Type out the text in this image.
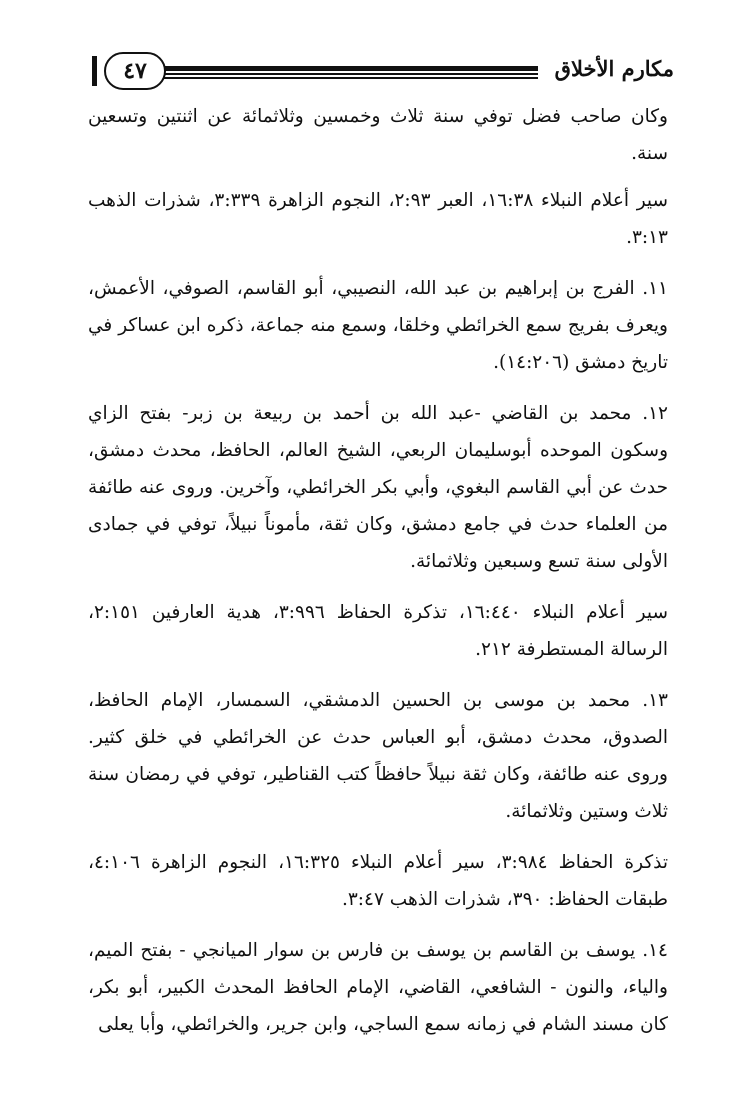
مكارم الأخلاق
٤٧

وكان صاحب فضل توفي سنة ثلاث وخمسين وثلاثمائة عن اثنتين وتسعين سنة.

سير أعلام النبلاء ١٦:٣٨، العبر ٢:٩٣، النجوم الزاهرة ٣:٣٣٩، شذرات الذهب ٣:١٣.

١١. الفرج بن إبراهيم بن عبد الله، النصيبي، أبو القاسم، الصوفي، الأعمش، ويعرف بفريج سمع الخرائطي وخلقا، وسمع منه جماعة، ذكره ابن عساكر في تاريخ دمشق (١٤:٢٠٦).

١٢. محمد بن القاضي -عبد الله بن أحمد بن ربيعة بن زبر- بفتح الزاي وسكون الموحده أبوسليمان الربعي، الشيخ العالم، الحافظ، محدث دمشق، حدث عن أبي القاسم البغوي، وأبي بكر الخرائطي، وآخرين. وروى عنه طائفة من العلماء حدث في جامع دمشق، وكان ثقة، مأموناً نبيلاً، توفي في جمادى الأولى سنة تسع وسبعين وثلاثمائة.

سير أعلام النبلاء ١٦:٤٤٠، تذكرة الحفاظ ٣:٩٩٦، هدية العارفين ٢:١٥١، الرسالة المستطرفة ٢١٢.

١٣. محمد بن موسى بن الحسين الدمشقي، السمسار، الإمام الحافظ، الصدوق، محدث دمشق، أبو العباس حدث عن الخرائطي في خلق كثير. وروى عنه طائفة، وكان ثقة نبيلاً حافظاً كتب القناطير، توفي في رمضان سنة ثلاث وستين وثلاثمائة.

تذكرة الحفاظ ٣:٩٨٤، سير أعلام النبلاء ١٦:٣٢٥، النجوم الزاهرة ٤:١٠٦، طبقات الحفاظ: ٣٩٠، شذرات الذهب ٣:٤٧.

١٤. يوسف بن القاسم بن يوسف بن فارس بن سوار الميانجي - بفتح الميم، والياء، والنون - الشافعي، القاضي، الإمام الحافظ المحدث الكبير، أبو بكر، كان مسند الشام في زمانه سمع الساجي، وابن جرير، والخرائطي، وأبا يعلى
